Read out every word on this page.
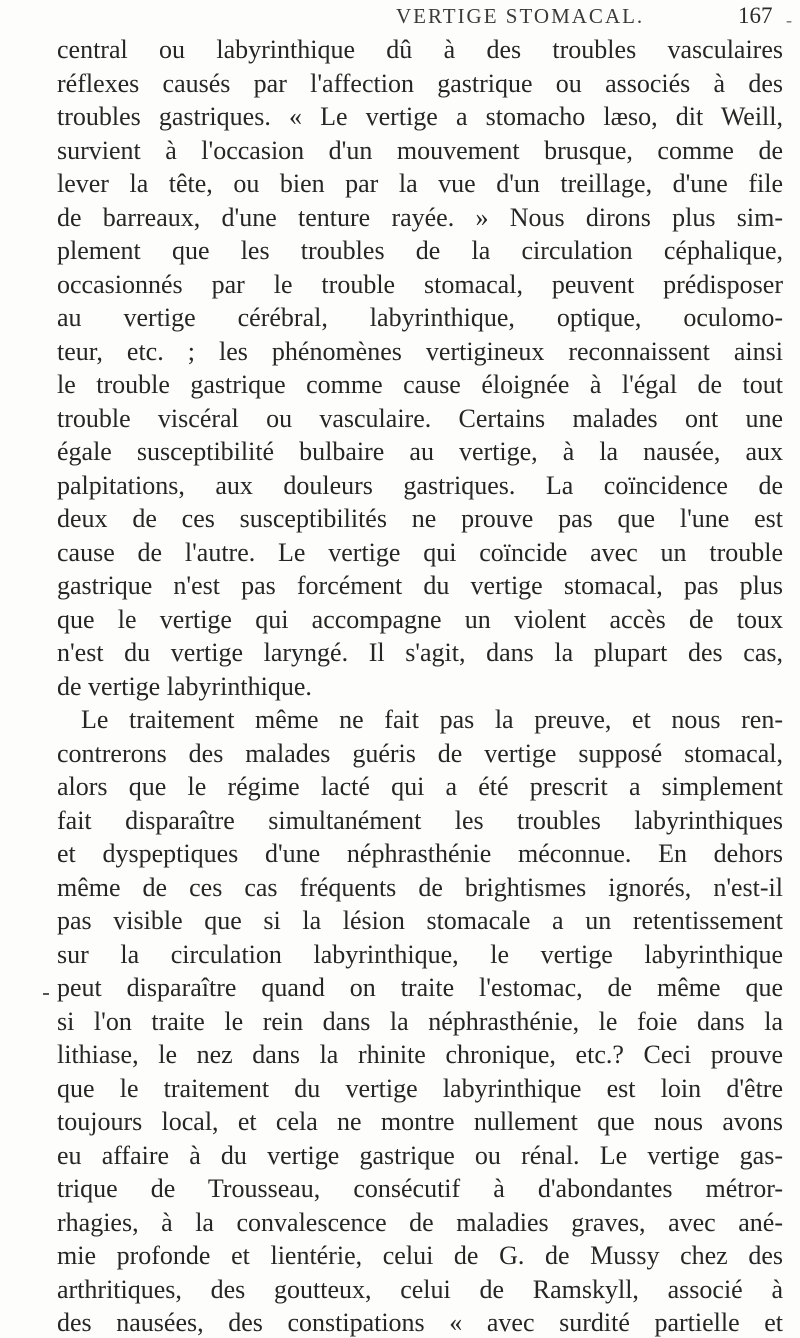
VERTIGE STOMACAL.	167 -
central ou labyrinthique dû à des troubles vasculaires
réflexes causés par l'affection gastrique ou associés à des
troubles gastriques. « Le vertige a stomacho læso, dit Weill,
survient à l'occasion d'un mouvement brusque, comme de
lever la tête, ou bien par la vue d'un treillage, d'une file
de barreaux, d'une tenture rayée. » Nous dirons plus sim-
plement que les troubles de la circulation céphalique,
occasionnés par le trouble stomacal, peuvent prédisposer
au vertige cérébral, labyrinthique, optique, oculomo-
teur, etc. ; les phénomènes vertigineux reconnaissent ainsi
le trouble gastrique comme cause éloignée à l'égal de tout
trouble viscéral ou vasculaire. Certains malades ont une
égale susceptibilité bulbaire au vertige, à la nausée, aux
palpitations, aux douleurs gastriques. La coïncidence de
deux de ces susceptibilités ne prouve pas que l'une est
cause de l'autre. Le vertige qui coïncide avec un trouble
gastrique n'est pas forcément du vertige stomacal, pas plus
que le vertige qui accompagne un violent accès de toux
n'est du vertige laryngé. Il s'agit, dans la plupart des cas,
de vertige labyrinthique.
Le traitement même ne fait pas la preuve, et nous ren-
contrerons des malades guéris de vertige supposé stomacal,
alors que le régime lacté qui a été prescrit a simplement
fait disparaître simultanément les troubles labyrinthiques
et dyspeptiques d'une néphrasthénie méconnue. En dehors
même de ces cas fréquents de brightismes ignorés, n'est-il
pas visible que si la lésion stomacale a un retentissement
sur la circulation labyrinthique, le vertige labyrinthique
peut disparaître quand on traite l'estomac, de même que
si l'on traite le rein dans la néphrasthénie, le foie dans la
lithiase, le nez dans la rhinite chronique, etc.? Ceci prouve
que le traitement du vertige labyrinthique est loin d'être
toujours local, et cela ne montre nullement que nous avons
eu affaire à du vertige gastrique ou rénal. Le vertige gas-
trique de Trousseau, consécutif à d'abondantes métror-
rhagies, à la convalescence de maladies graves, avec ané-
mie profonde et lientérie, celui de G. de Mussy chez des
arthritiques, des goutteux, celui de Ramskyll, associé à
des nausées, des constipations « avec surdité partielle et
